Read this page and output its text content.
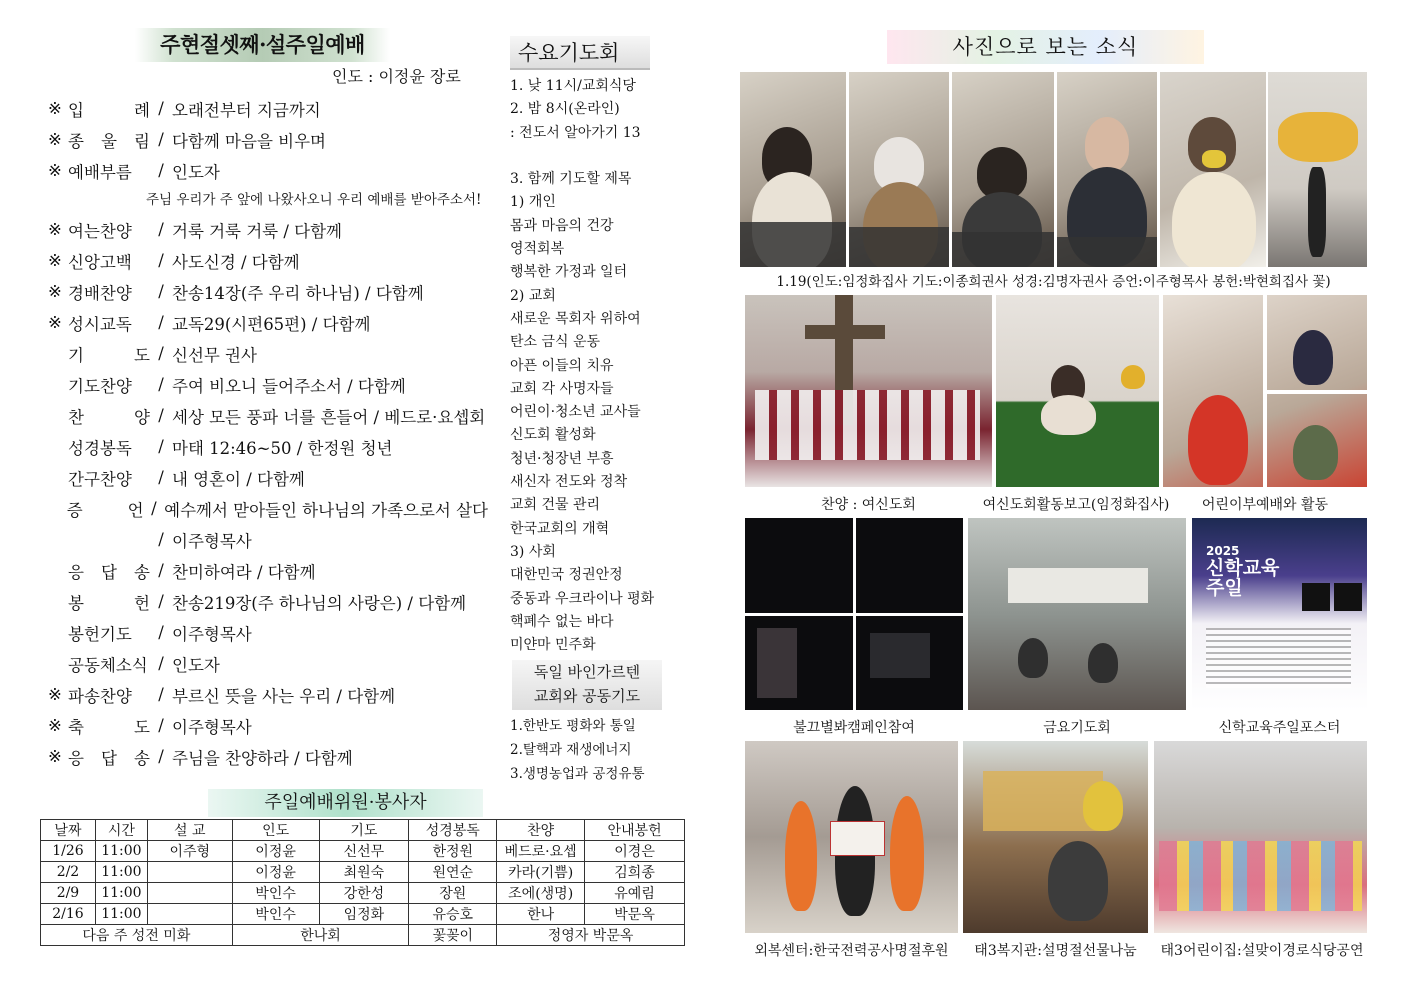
주현절셋째·설주일예배
인도 : 이정윤 장로
※ 입 례 / 오래전부터 지금까지
※ 종 울 림 / 다함께 마음을 비우며
※ 예배부름	/ 인도자
주님 우리가 주 앞에 나왔사오니 우리 예배를 받아주소서!
※ 여는찬양	/ 거룩 거룩 거룩 / 다함께
※ 신앙고백	/ 사도신경 / 다함께
※ 경배찬양	/ 찬송14장(주 우리 하나님) / 다함께
※ 성시교독	/ 교독29(시편65편) / 다함께
기 도 / 신선무 권사
기도찬양	/ 주여 비오니 들어주소서 / 다함께
찬 양 / 세상 모든 풍파 너를 흔들어 / 베드로·요셉회
성경봉독	/ 마태 12:46~50 / 한정원 청년
간구찬양	/ 내 영혼이 / 다함께
증 언 / 예수께서 맏아들인 하나님의 가족으로서 살다
/ 이주형목사
응 답 송 / 찬미하여라 / 다함께
봉 헌 / 찬송219장(주 하나님의 사랑은) / 다함께
봉헌기도	/ 이주형목사
공동체소식 / 인도자
※ 파송찬양	/ 부르신 뜻을 사는 우리 / 다함께
※ 축 도 / 이주형목사
※ 응 답 송 / 주님을 찬양하라 / 다함께
수요기도회
1. 낮 11시/교회식당
2. 밤 8시(온라인)
: 전도서 알아가기 13
3. 함께 기도할 제목
1) 개인
몸과 마음의 건강
영적회복
행복한 가정과 일터
2) 교회
새로운 목회자 위하여
탄소 금식 운동
아픈 이들의 치유
교회 각 사명자들
어린이·청소년 교사들
신도회 활성화
청년·청장년 부흥
새신자 전도와 정착
교회 건물 관리
한국교회의 개혁
3) 사회
대한민국 정권안정
중동과 우크라이나 평화
핵폐수 없는 바다
미얀마 민주화
독일 바인가르텐
교회와 공동기도
1.한반도 평화와 통일
2.탈핵과 재생에너지
3.생명농업과 공정유통
주일예배위원·봉사자
날짜	시간	설 교	인도	기도	성경봉독	찬양	안내봉헌
1/26	11:00	이주형	이정윤	신선무	한정원	베드로·요셉	이경은
2/2	11:00		이정윤	최원숙	원연순	카라(기쁨)	김희종
2/9	11:00		박인수	강한성	장원	조에(생명)	유예림
2/16	11:00		박인수	임정화	유승호	한나	박문옥
다음 주 성전 미화			한나회		꽃꽂이	정영자 박문옥	
사진으로 보는 소식
1.19(인도:임정화집사 기도:이종희권사 성경:김명자권사 증언:이주형목사 봉헌:박현희집사 꽃)
찬양 : 여신도회	여신도회활동보고(임정화집사)	어린이부예배와 활동
2025
신학교육
주일
불끄별봐캠페인참여	금요기도회	신학교육주일포스터
외복센터:한국전력공사명절후원	태3복지관:설명절선물나눔	태3어린이집:설맞이경로식당공연
